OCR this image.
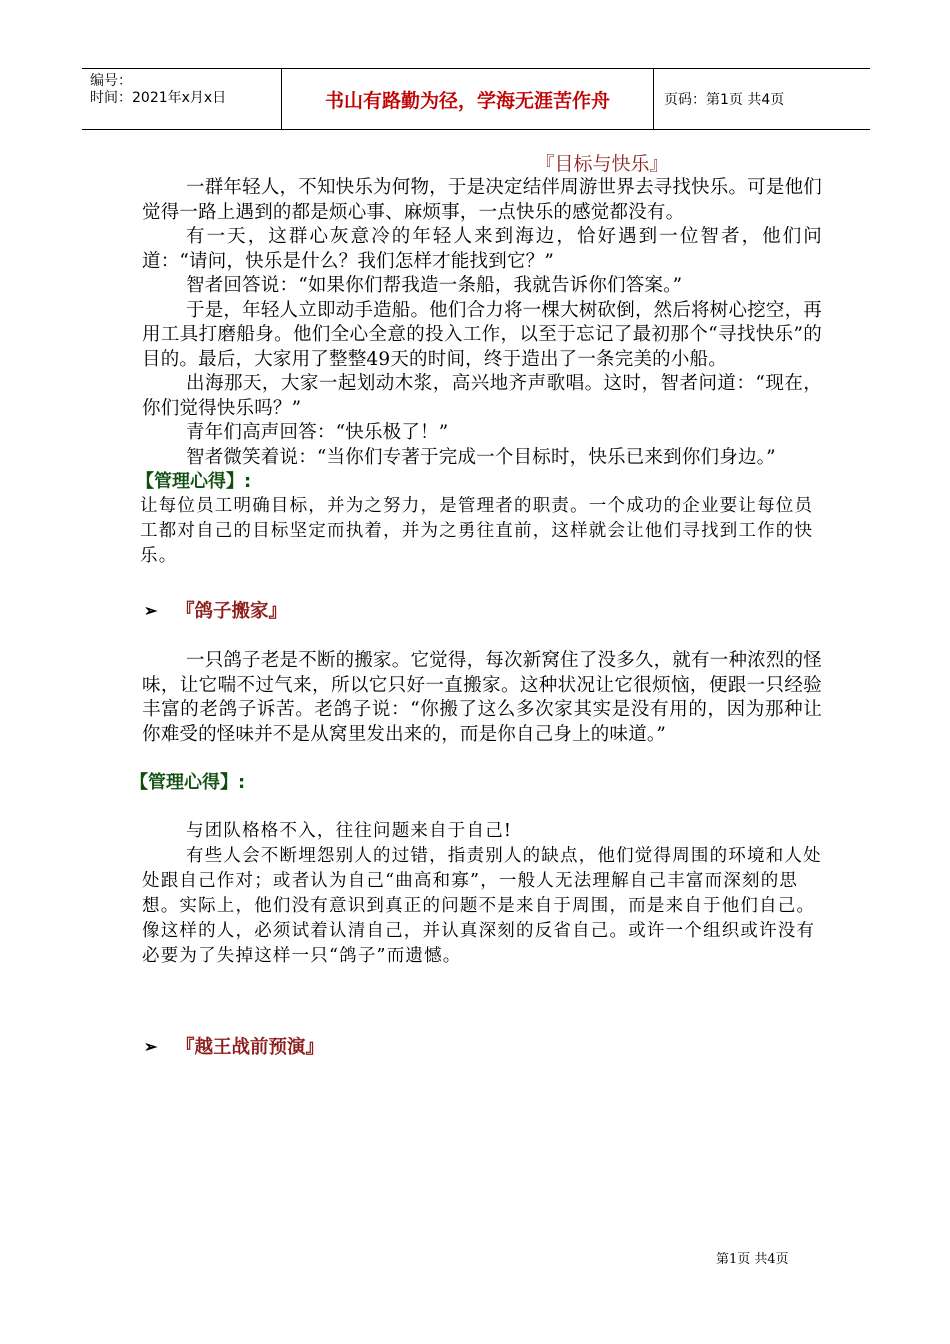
编号：
时间：2021年x月x日	书山有路勤为径，学海无涯苦作舟	页码：第1页 共4页
『目标与快乐』

一群年轻人，不知快乐为何物，于是决定结伴周游世界去寻找快乐。可是他们觉得一路上遇到的都是烦心事、麻烦事，一点快乐的感觉都没有。

有一天，这群心灰意冷的年轻人来到海边，恰好遇到一位智者，他们问道：“请问，快乐是什么？我们怎样才能找到它？”

智者回答说：“如果你们帮我造一条船，我就告诉你们答案。”

于是，年轻人立即动手造船。他们合力将一棵大树砍倒，然后将树心挖空，再用工具打磨船身。他们全心全意的投入工作，以至于忘记了最初那个“寻找快乐”的目的。最后，大家用了整整49天的时间，终于造出了一条完美的小船。

出海那天，大家一起划动木浆，高兴地齐声歌唱。这时，智者问道：“现在，你们觉得快乐吗？”

青年们高声回答：“快乐极了！”

智者微笑着说：“当你们专著于完成一个目标时，快乐已来到你们身边。”

【管理心得】:

让每位员工明确目标，并为之努力，是管理者的职责。一个成功的企业要让每位员工都对自己的目标坚定而执着，并为之勇往直前，这样就会让他们寻找到工作的快乐。

➢	『鸽子搬家』

一只鸽子老是不断的搬家。它觉得，每次新窝住了没多久，就有一种浓烈的怪味，让它喘不过气来，所以它只好一直搬家。这种状况让它很烦恼，便跟一只经验丰富的老鸽子诉苦。老鸽子说：“你搬了这么多次家其实是没有用的，因为那种让你难受的怪味并不是从窝里发出来的，而是你自己身上的味道。”

【管理心得】:

与团队格格不入，往往问题来自于自己!

有些人会不断埋怨别人的过错，指责别人的缺点，他们觉得周围的环境和人处处跟自己作对；或者认为自己“曲高和寡”，一般人无法理解自己丰富而深刻的思想。实际上，他们没有意识到真正的问题不是来自于周围，而是来自于他们自己。像这样的人，必须试着认清自己，并认真深刻的反省自己。或许一个组织或许没有必要为了失掉这样一只“鸽子”而遗憾。

➢	『越王战前预演』
第1页 共4页
